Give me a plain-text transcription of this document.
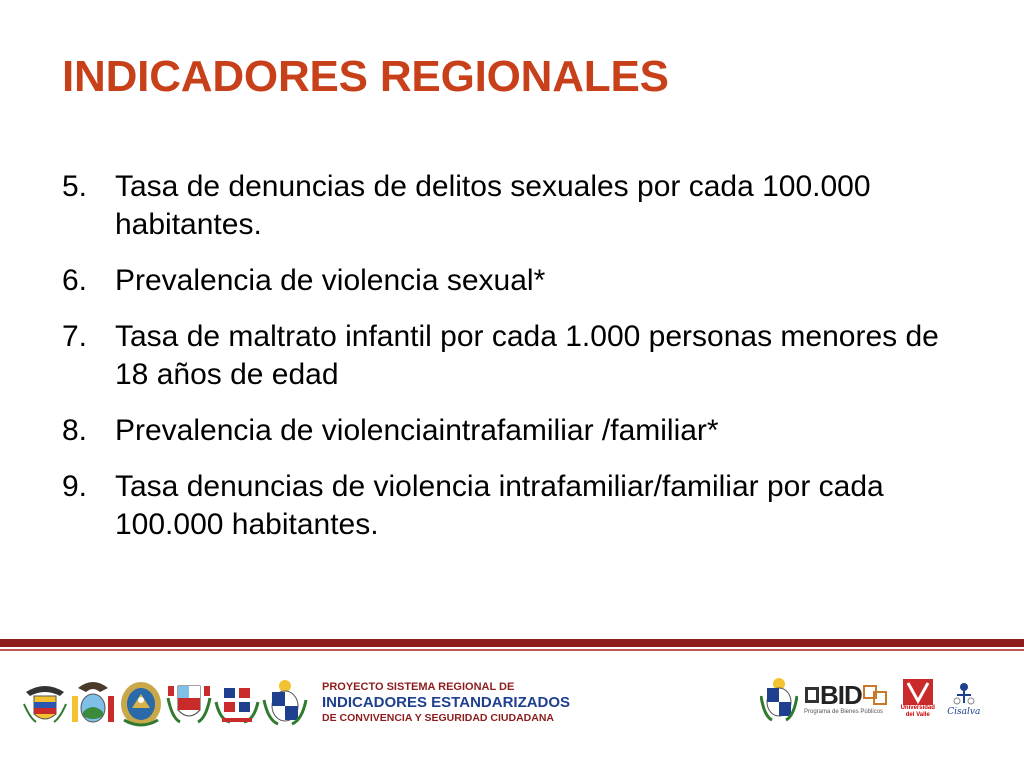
INDICADORES REGIONALES
5. Tasa de denuncias de delitos sexuales por cada 100.000 habitantes.
6. Prevalencia de violencia sexual*
7. Tasa de maltrato infantil por cada 1.000 personas menores de 18 años de edad
8. Prevalencia de violenciaintrafamiliar /familiar*
9. Tasa denuncias de violencia intrafamiliar/familiar por cada 100.000 habitantes.
PROYECTO SISTEMA REGIONAL DE
INDICADORES ESTANDARIZADOS
DE CONVIVENCIA Y SEGURIDAD CIUDADANA
BID
Programa de Bienes Públicos
Universidad del Valle	Cisalva
